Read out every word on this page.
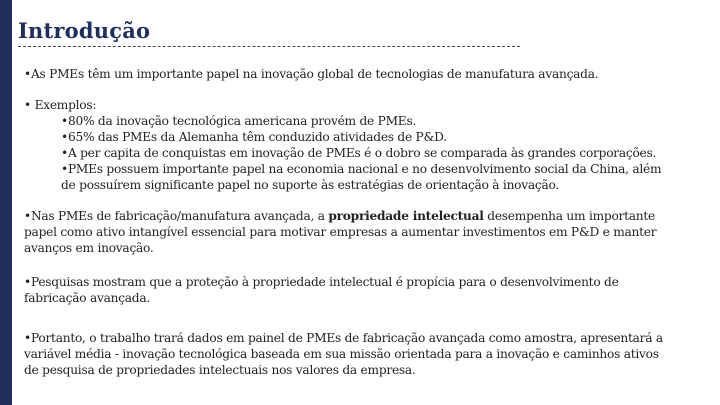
Introdução

•As PMEs têm um importante papel na inovação global de tecnologias de manufatura avançada.

• Exemplos:

•80% da inovação tecnológica americana provém de PMEs.

•65% das PMEs da Alemanha têm conduzido atividades de P&D.

•A per capita de conquistas em inovação de PMEs é o dobro se comparada às grandes corporações.

•PMEs possuem importante papel na economia nacional e no desenvolvimento social da China, além de possuírem significante papel no suporte às estratégias de orientação à inovação.

•Nas PMEs de fabricação/manufatura avançada, a propriedade intelectual desempenha um importante papel como ativo intangível essencial para motivar empresas a aumentar investimentos em P&D e manter avanços em inovação.

•Pesquisas mostram que a proteção à propriedade intelectual é propícia para o desenvolvimento de fabricação avançada.

•Portanto, o trabalho trará dados em painel de PMEs de fabricação avançada como amostra, apresentará a variável média - inovação tecnológica baseada em sua missão orientada para a inovação e caminhos ativos de pesquisa de propriedades intelectuais nos valores da empresa.
